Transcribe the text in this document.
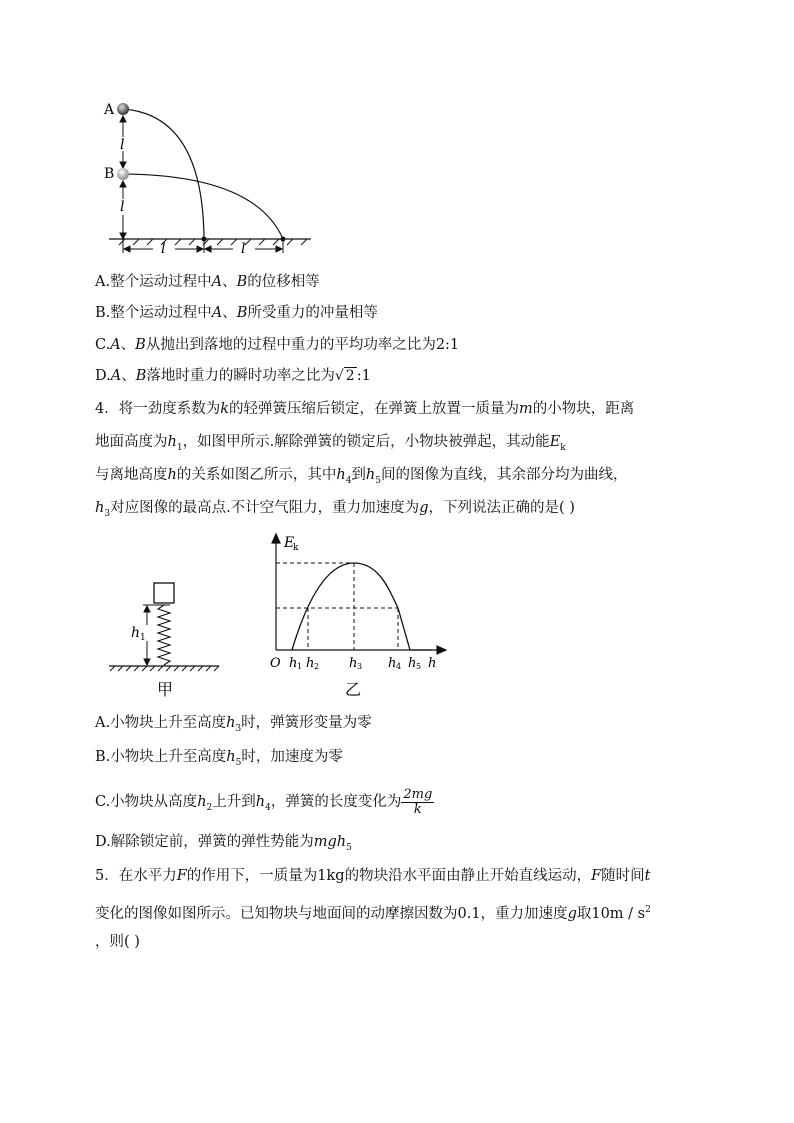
A
B
l
l
l	l
A.整个运动过程中A、B的位移相等
B.整个运动过程中A、B所受重力的冲量相等
C.A、B从抛出到落地的过程中重力的平均功率之比为2:1
D.A、B落地时重力的瞬时功率之比为√ 2 :1
4．将一劲度系数为k的轻弹簧压缩后锁定，在弹簧上放置一质量为m的小物块，距离
地面高度为$h_1$，如图甲所示.解除弹簧的锁定后，小物块被弹起，其动能$E_k$
与离地高度h的关系如图乙所示，其中$h_4$到$h_5$间的图像为直线，其余部分均为曲线，
$h_3$对应图像的最高点.不计空气阻力，重力加速度为g，下列说法正确的是( )
h 1
甲
E
k
O h 1 h 2 h 3 h 4 h 5 h
乙
A.小物块上升至高度$h_3$时，弹簧形变量为零
B.小物块上升至高度$h_5$时，加速度为零
C.小物块从高度$h_2$上升到$h_4$，弹簧的长度变化为 $\frac{2mg}{k}$
D.解除锁定前，弹簧的弹性势能为mgh$_5$
5．在水平力F的作用下，一质量为1kg的物块沿水平面由静止开始直线运动，F随时间t
变化的图像如图所示。已知物块与地面间的动摩擦因数为0.1，重力加速度g取$10m / s^2$
，则( )
